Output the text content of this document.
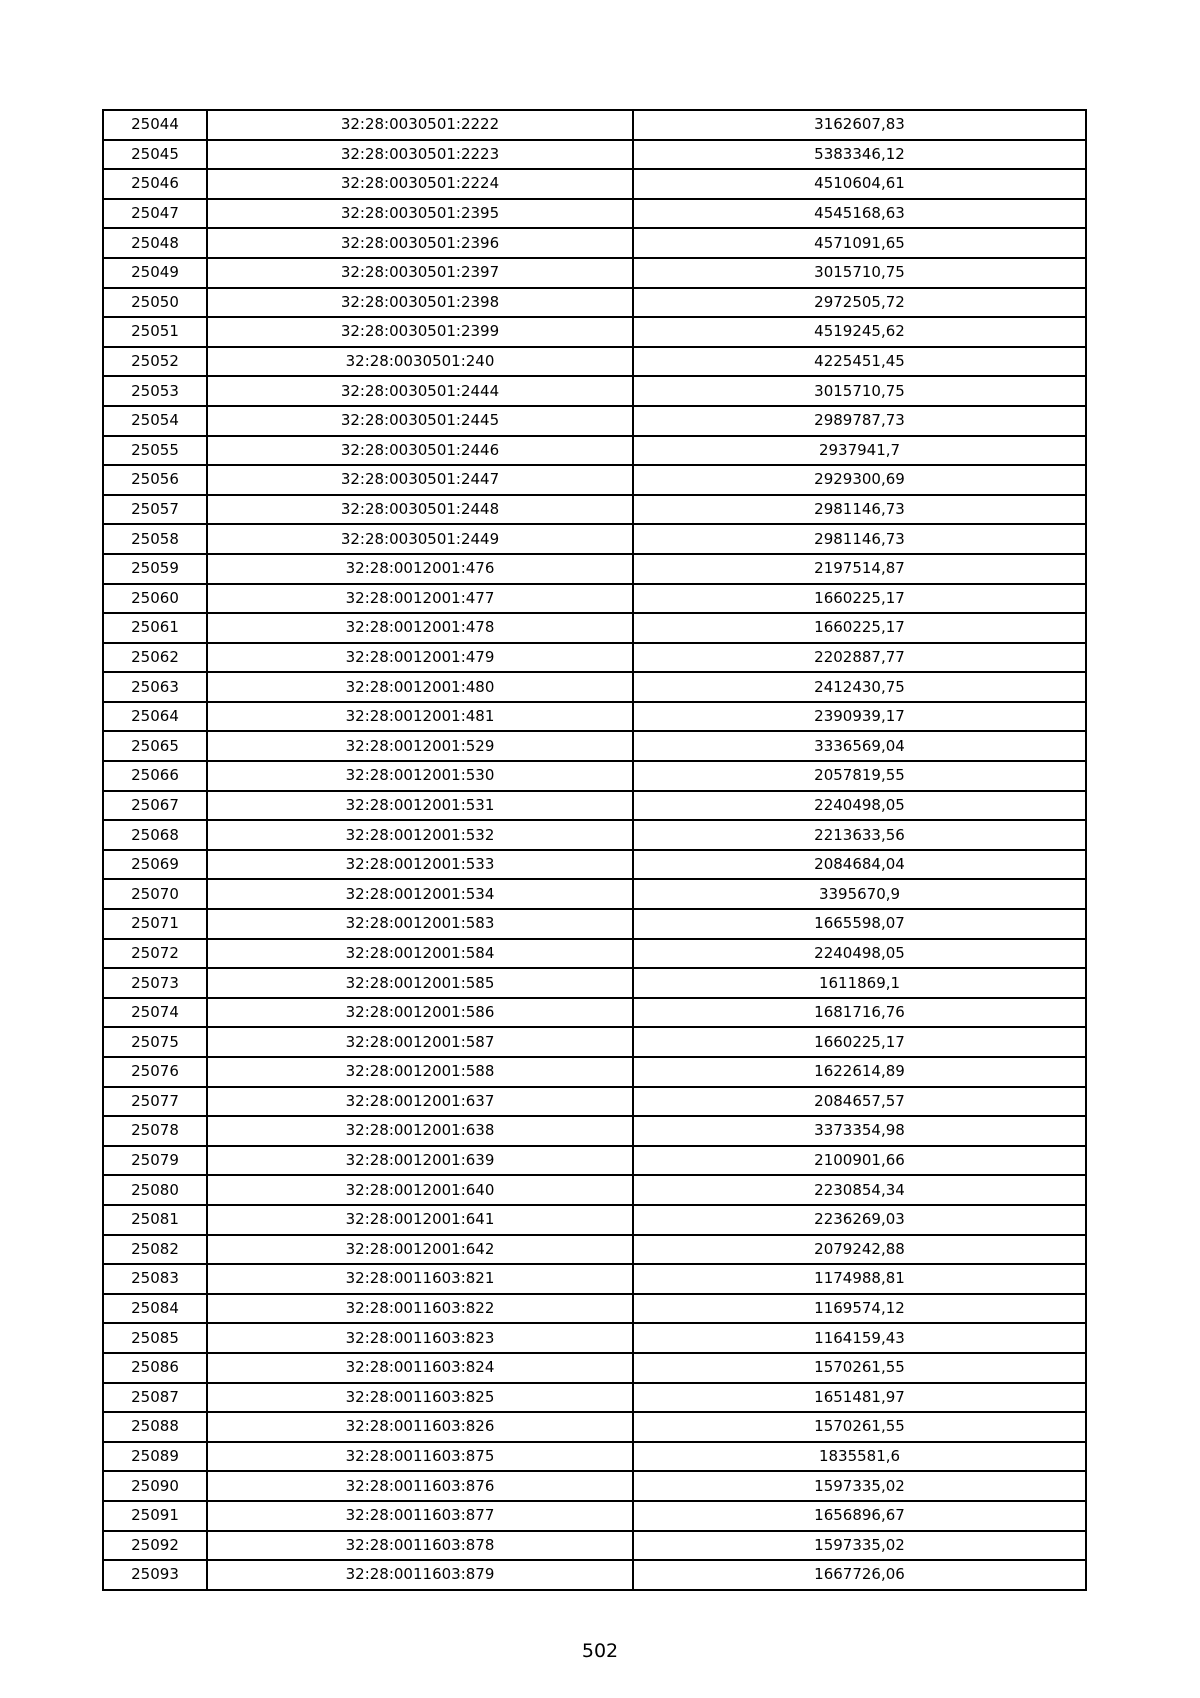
25044	32:28:0030501:2222	3162607,83
25045	32:28:0030501:2223	5383346,12
25046	32:28:0030501:2224	4510604,61
25047	32:28:0030501:2395	4545168,63
25048	32:28:0030501:2396	4571091,65
25049	32:28:0030501:2397	3015710,75
25050	32:28:0030501:2398	2972505,72
25051	32:28:0030501:2399	4519245,62
25052	32:28:0030501:240	4225451,45
25053	32:28:0030501:2444	3015710,75
25054	32:28:0030501:2445	2989787,73
25055	32:28:0030501:2446	2937941,7
25056	32:28:0030501:2447	2929300,69
25057	32:28:0030501:2448	2981146,73
25058	32:28:0030501:2449	2981146,73
25059	32:28:0012001:476	2197514,87
25060	32:28:0012001:477	1660225,17
25061	32:28:0012001:478	1660225,17
25062	32:28:0012001:479	2202887,77
25063	32:28:0012001:480	2412430,75
25064	32:28:0012001:481	2390939,17
25065	32:28:0012001:529	3336569,04
25066	32:28:0012001:530	2057819,55
25067	32:28:0012001:531	2240498,05
25068	32:28:0012001:532	2213633,56
25069	32:28:0012001:533	2084684,04
25070	32:28:0012001:534	3395670,9
25071	32:28:0012001:583	1665598,07
25072	32:28:0012001:584	2240498,05
25073	32:28:0012001:585	1611869,1
25074	32:28:0012001:586	1681716,76
25075	32:28:0012001:587	1660225,17
25076	32:28:0012001:588	1622614,89
25077	32:28:0012001:637	2084657,57
25078	32:28:0012001:638	3373354,98
25079	32:28:0012001:639	2100901,66
25080	32:28:0012001:640	2230854,34
25081	32:28:0012001:641	2236269,03
25082	32:28:0012001:642	2079242,88
25083	32:28:0011603:821	1174988,81
25084	32:28:0011603:822	1169574,12
25085	32:28:0011603:823	1164159,43
25086	32:28:0011603:824	1570261,55
25087	32:28:0011603:825	1651481,97
25088	32:28:0011603:826	1570261,55
25089	32:28:0011603:875	1835581,6
25090	32:28:0011603:876	1597335,02
25091	32:28:0011603:877	1656896,67
25092	32:28:0011603:878	1597335,02
25093	32:28:0011603:879	1667726,06
502
